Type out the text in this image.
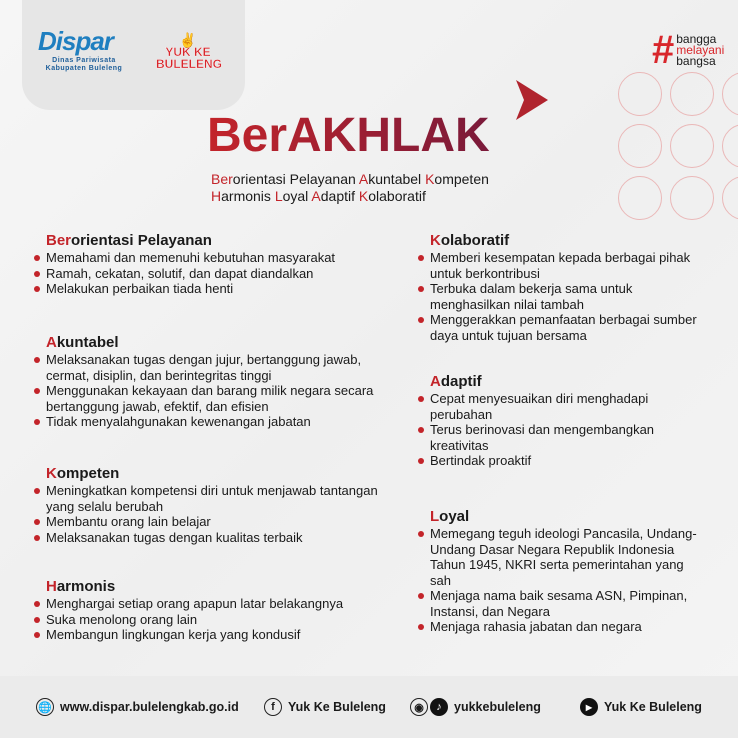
Dispar
Dinas Pariwisata
Kabupaten Buleleng
✌
YUK KE
BULELENG	# bangga
melayani
bangsa
BerAKHLAK
Berorientasi Pelayanan Akuntabel Kompeten
Harmonis Loyal Adaptif Kolaboratif
Berorientasi Pelayanan
Memahami dan memenuhi kebutuhan masyarakat
Ramah, cekatan, solutif, dan dapat diandalkan
Melakukan perbaikan tiada henti
Akuntabel
Melaksanakan tugas dengan jujur, bertanggung jawab, cermat, disiplin, dan berintegritas tinggi
Menggunakan kekayaan dan barang milik negara secara bertanggung jawab, efektif, dan efisien
Tidak menyalahgunakan kewenangan jabatan
Kompeten
Meningkatkan kompetensi diri untuk menjawab tantangan yang selalu berubah
Membantu orang lain belajar
Melaksanakan tugas dengan kualitas terbaik
Harmonis
Menghargai setiap orang apapun latar belakangnya
Suka menolong orang lain
Membangun lingkungan kerja yang kondusif
Kolaboratif
Memberi kesempatan kepada berbagai pihak untuk berkontribusi
Terbuka dalam bekerja sama untuk menghasilkan nilai tambah
Menggerakkan pemanfaatan berbagai sumber daya untuk tujuan bersama
Adaptif
Cepat menyesuaikan diri menghadapi perubahan
Terus berinovasi dan mengembangkan kreativitas
Bertindak proaktif
Loyal
Memegang teguh ideologi Pancasila, Undang-Undang Dasar Negara Republik Indonesia Tahun 1945, NKRI serta pemerintahan yang sah
Menjaga nama baik sesama ASN, Pimpinan, Instansi, dan Negara
Menjaga rahasia jabatan dan negara
🌐 www.dispar.bulelengkab.go.id	f	Yuk Ke Buleleng	◉	♪ yukkebuleleng	▶ Yuk Ke Buleleng
